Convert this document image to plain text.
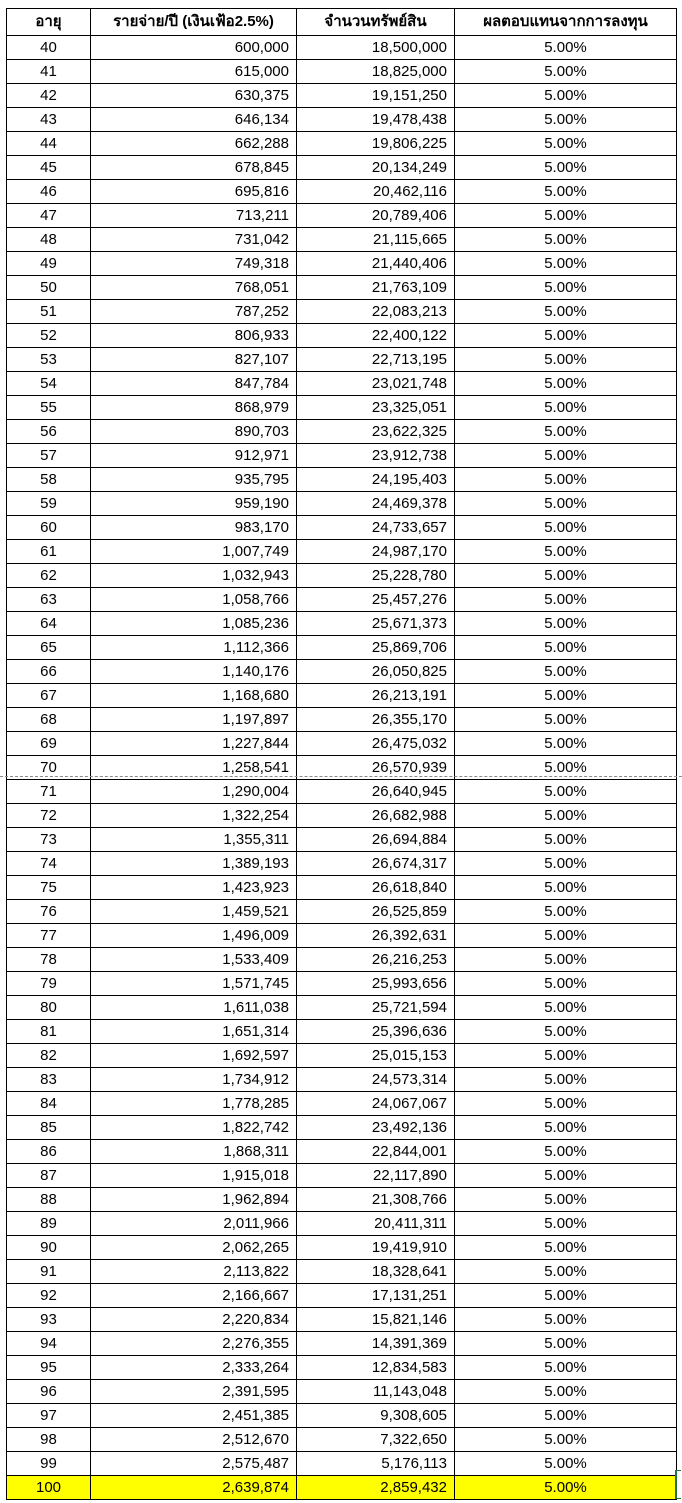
อายุ	รายจ่าย/ปี (เงินเฟ้อ2.5%)	จำนวนทรัพย์สิน	ผลตอบแทนจากการลงทุน
40	600,000	18,500,000	5.00%
41	615,000	18,825,000	5.00%
42	630,375	19,151,250	5.00%
43	646,134	19,478,438	5.00%
44	662,288	19,806,225	5.00%
45	678,845	20,134,249	5.00%
46	695,816	20,462,116	5.00%
47	713,211	20,789,406	5.00%
48	731,042	21,115,665	5.00%
49	749,318	21,440,406	5.00%
50	768,051	21,763,109	5.00%
51	787,252	22,083,213	5.00%
52	806,933	22,400,122	5.00%
53	827,107	22,713,195	5.00%
54	847,784	23,021,748	5.00%
55	868,979	23,325,051	5.00%
56	890,703	23,622,325	5.00%
57	912,971	23,912,738	5.00%
58	935,795	24,195,403	5.00%
59	959,190	24,469,378	5.00%
60	983,170	24,733,657	5.00%
61	1,007,749	24,987,170	5.00%
62	1,032,943	25,228,780	5.00%
63	1,058,766	25,457,276	5.00%
64	1,085,236	25,671,373	5.00%
65	1,112,366	25,869,706	5.00%
66	1,140,176	26,050,825	5.00%
67	1,168,680	26,213,191	5.00%
68	1,197,897	26,355,170	5.00%
69	1,227,844	26,475,032	5.00%
70	1,258,541	26,570,939	5.00%
71	1,290,004	26,640,945	5.00%
72	1,322,254	26,682,988	5.00%
73	1,355,311	26,694,884	5.00%
74	1,389,193	26,674,317	5.00%
75	1,423,923	26,618,840	5.00%
76	1,459,521	26,525,859	5.00%
77	1,496,009	26,392,631	5.00%
78	1,533,409	26,216,253	5.00%
79	1,571,745	25,993,656	5.00%
80	1,611,038	25,721,594	5.00%
81	1,651,314	25,396,636	5.00%
82	1,692,597	25,015,153	5.00%
83	1,734,912	24,573,314	5.00%
84	1,778,285	24,067,067	5.00%
85	1,822,742	23,492,136	5.00%
86	1,868,311	22,844,001	5.00%
87	1,915,018	22,117,890	5.00%
88	1,962,894	21,308,766	5.00%
89	2,011,966	20,411,311	5.00%
90	2,062,265	19,419,910	5.00%
91	2,113,822	18,328,641	5.00%
92	2,166,667	17,131,251	5.00%
93	2,220,834	15,821,146	5.00%
94	2,276,355	14,391,369	5.00%
95	2,333,264	12,834,583	5.00%
96	2,391,595	11,143,048	5.00%
97	2,451,385	9,308,605	5.00%
98	2,512,670	7,322,650	5.00%
99	2,575,487	5,176,113	5.00%
100	2,639,874	2,859,432	5.00%
